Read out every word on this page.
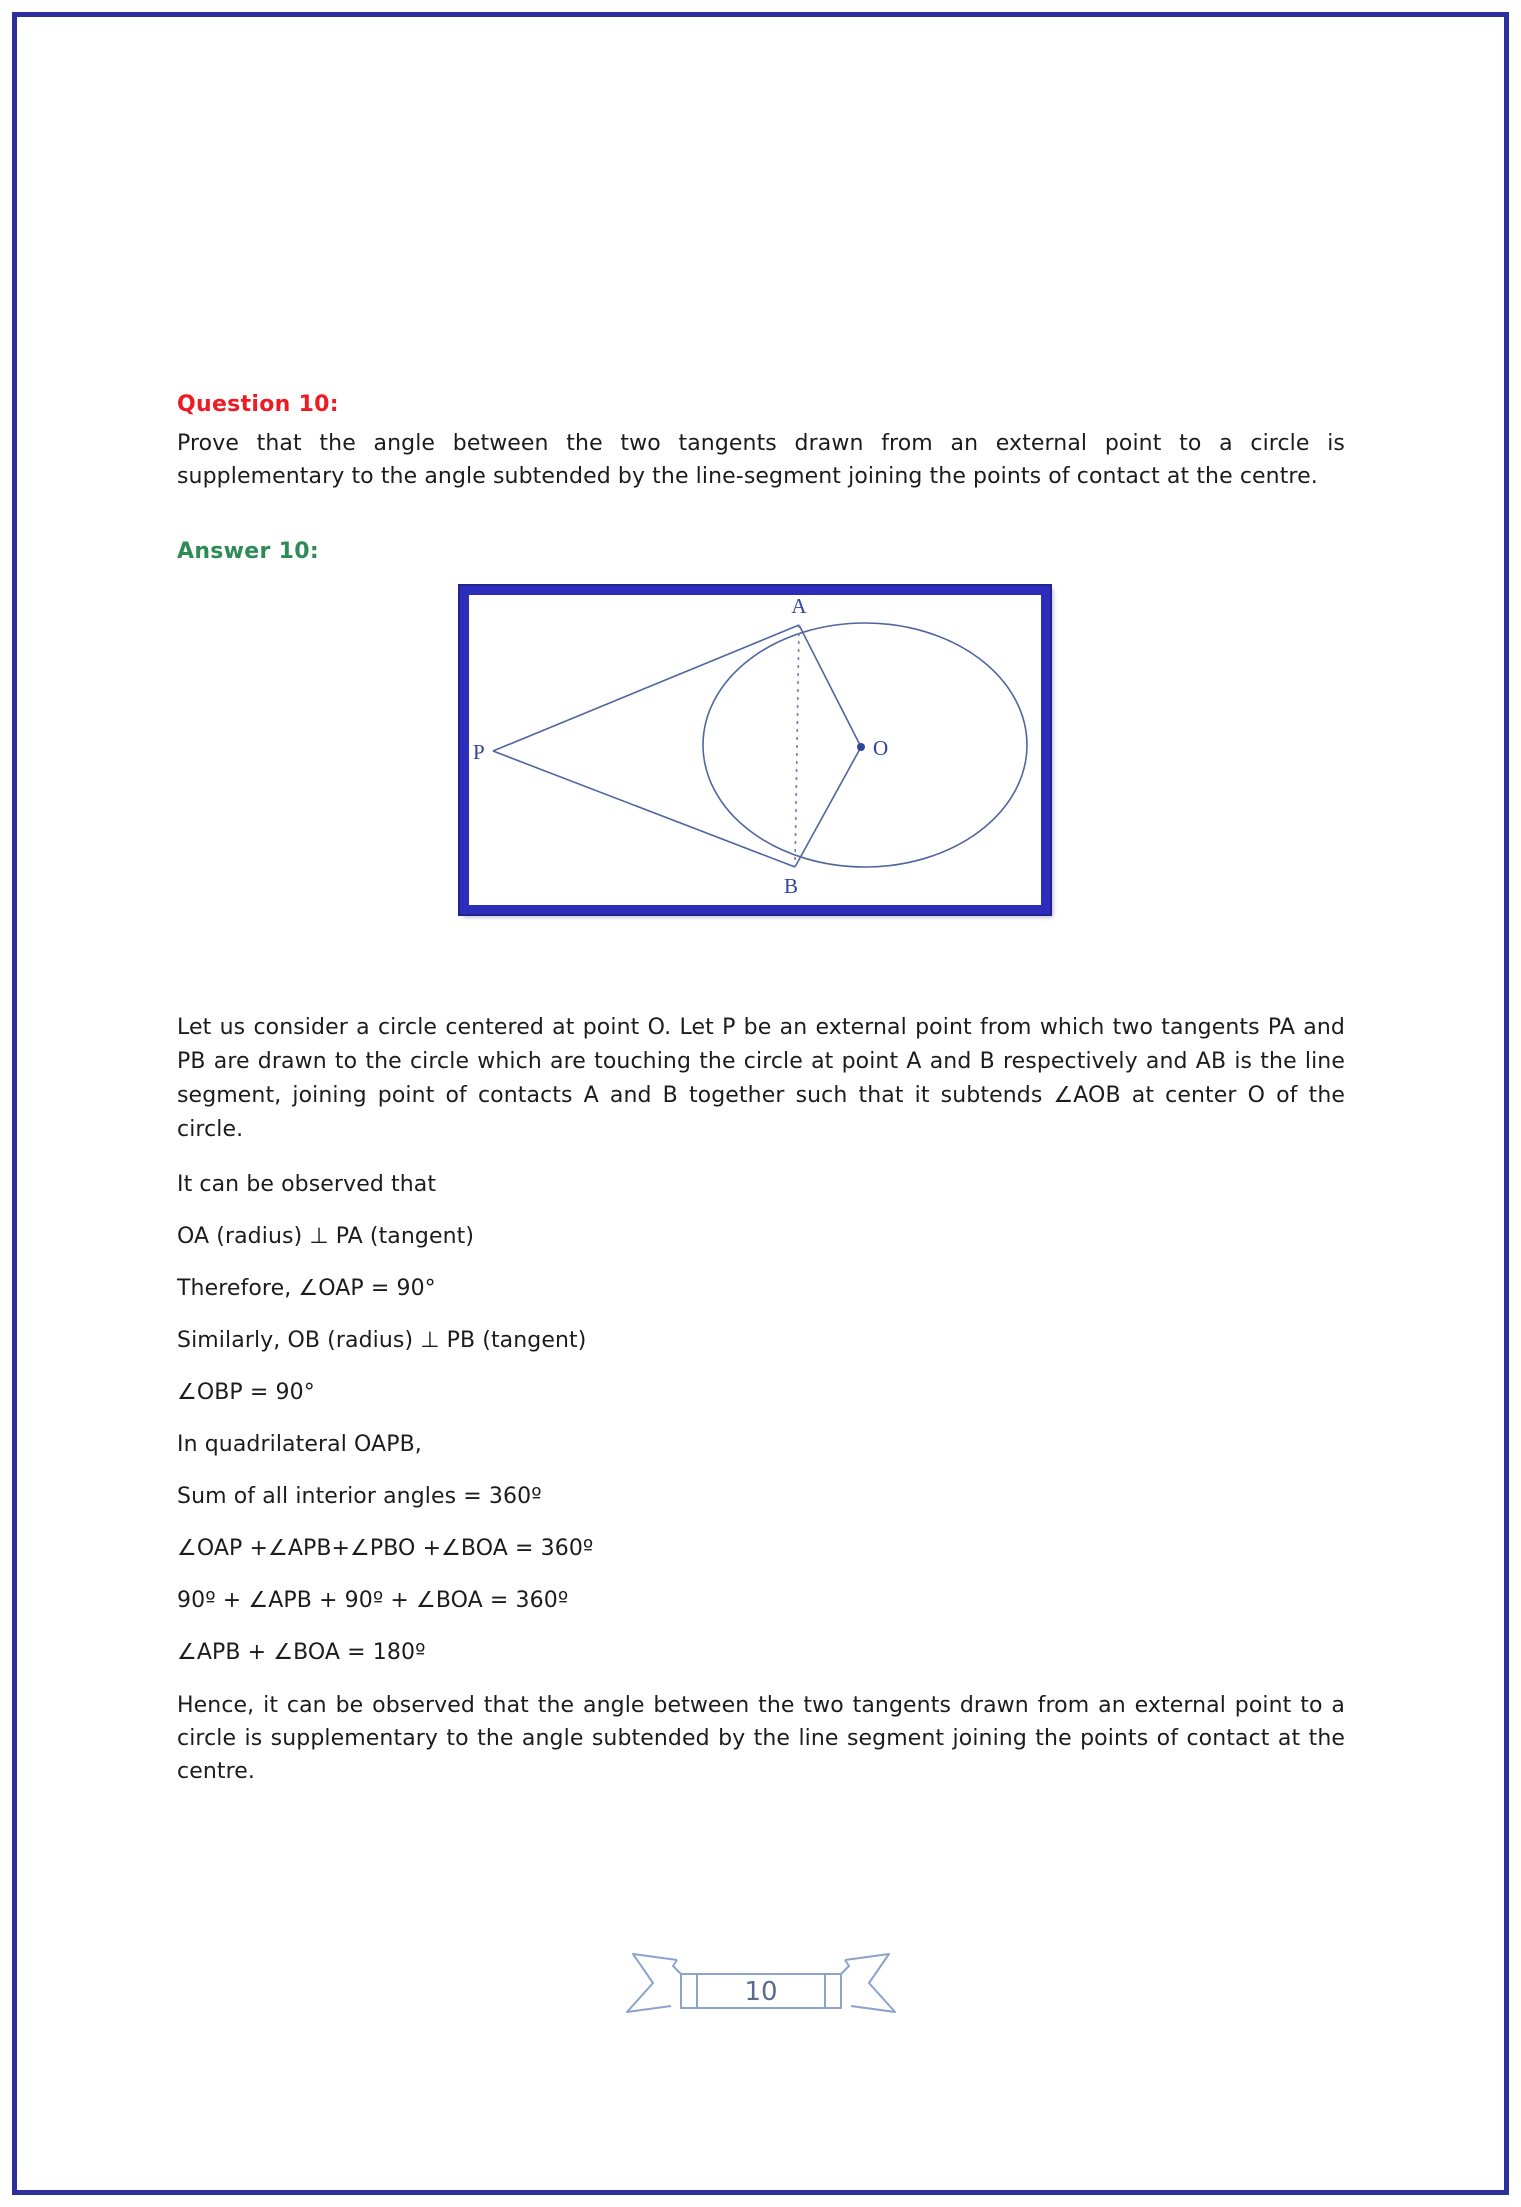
Question 10:

Prove that the angle between the two tangents drawn from an external point to a circle is supplementary to the angle subtended by the line-segment joining the points of contact at the centre.

Answer 10:
A
P
B
O

Let us consider a circle centered at point O. Let P be an external point from which two tangents PA and PB are drawn to the circle which are touching the circle at point A and B respectively and AB is the line segment, joining point of contacts A and B together such that it subtends ∠AOB at center O of the circle.

It can be observed that

OA (radius) ⊥ PA (tangent)

Therefore, ∠OAP = 90°

Similarly, OB (radius) ⊥ PB (tangent)

∠OBP = 90°

In quadrilateral OAPB,

Sum of all interior angles = 360º

∠OAP +∠APB+∠PBO +∠BOA = 360º

90º + ∠APB + 90º + ∠BOA = 360º

∠APB + ∠BOA = 180º

Hence, it can be observed that the angle between the two tangents drawn from an external point to a circle is supplementary to the angle subtended by the line segment joining the points of contact at the centre.

10
